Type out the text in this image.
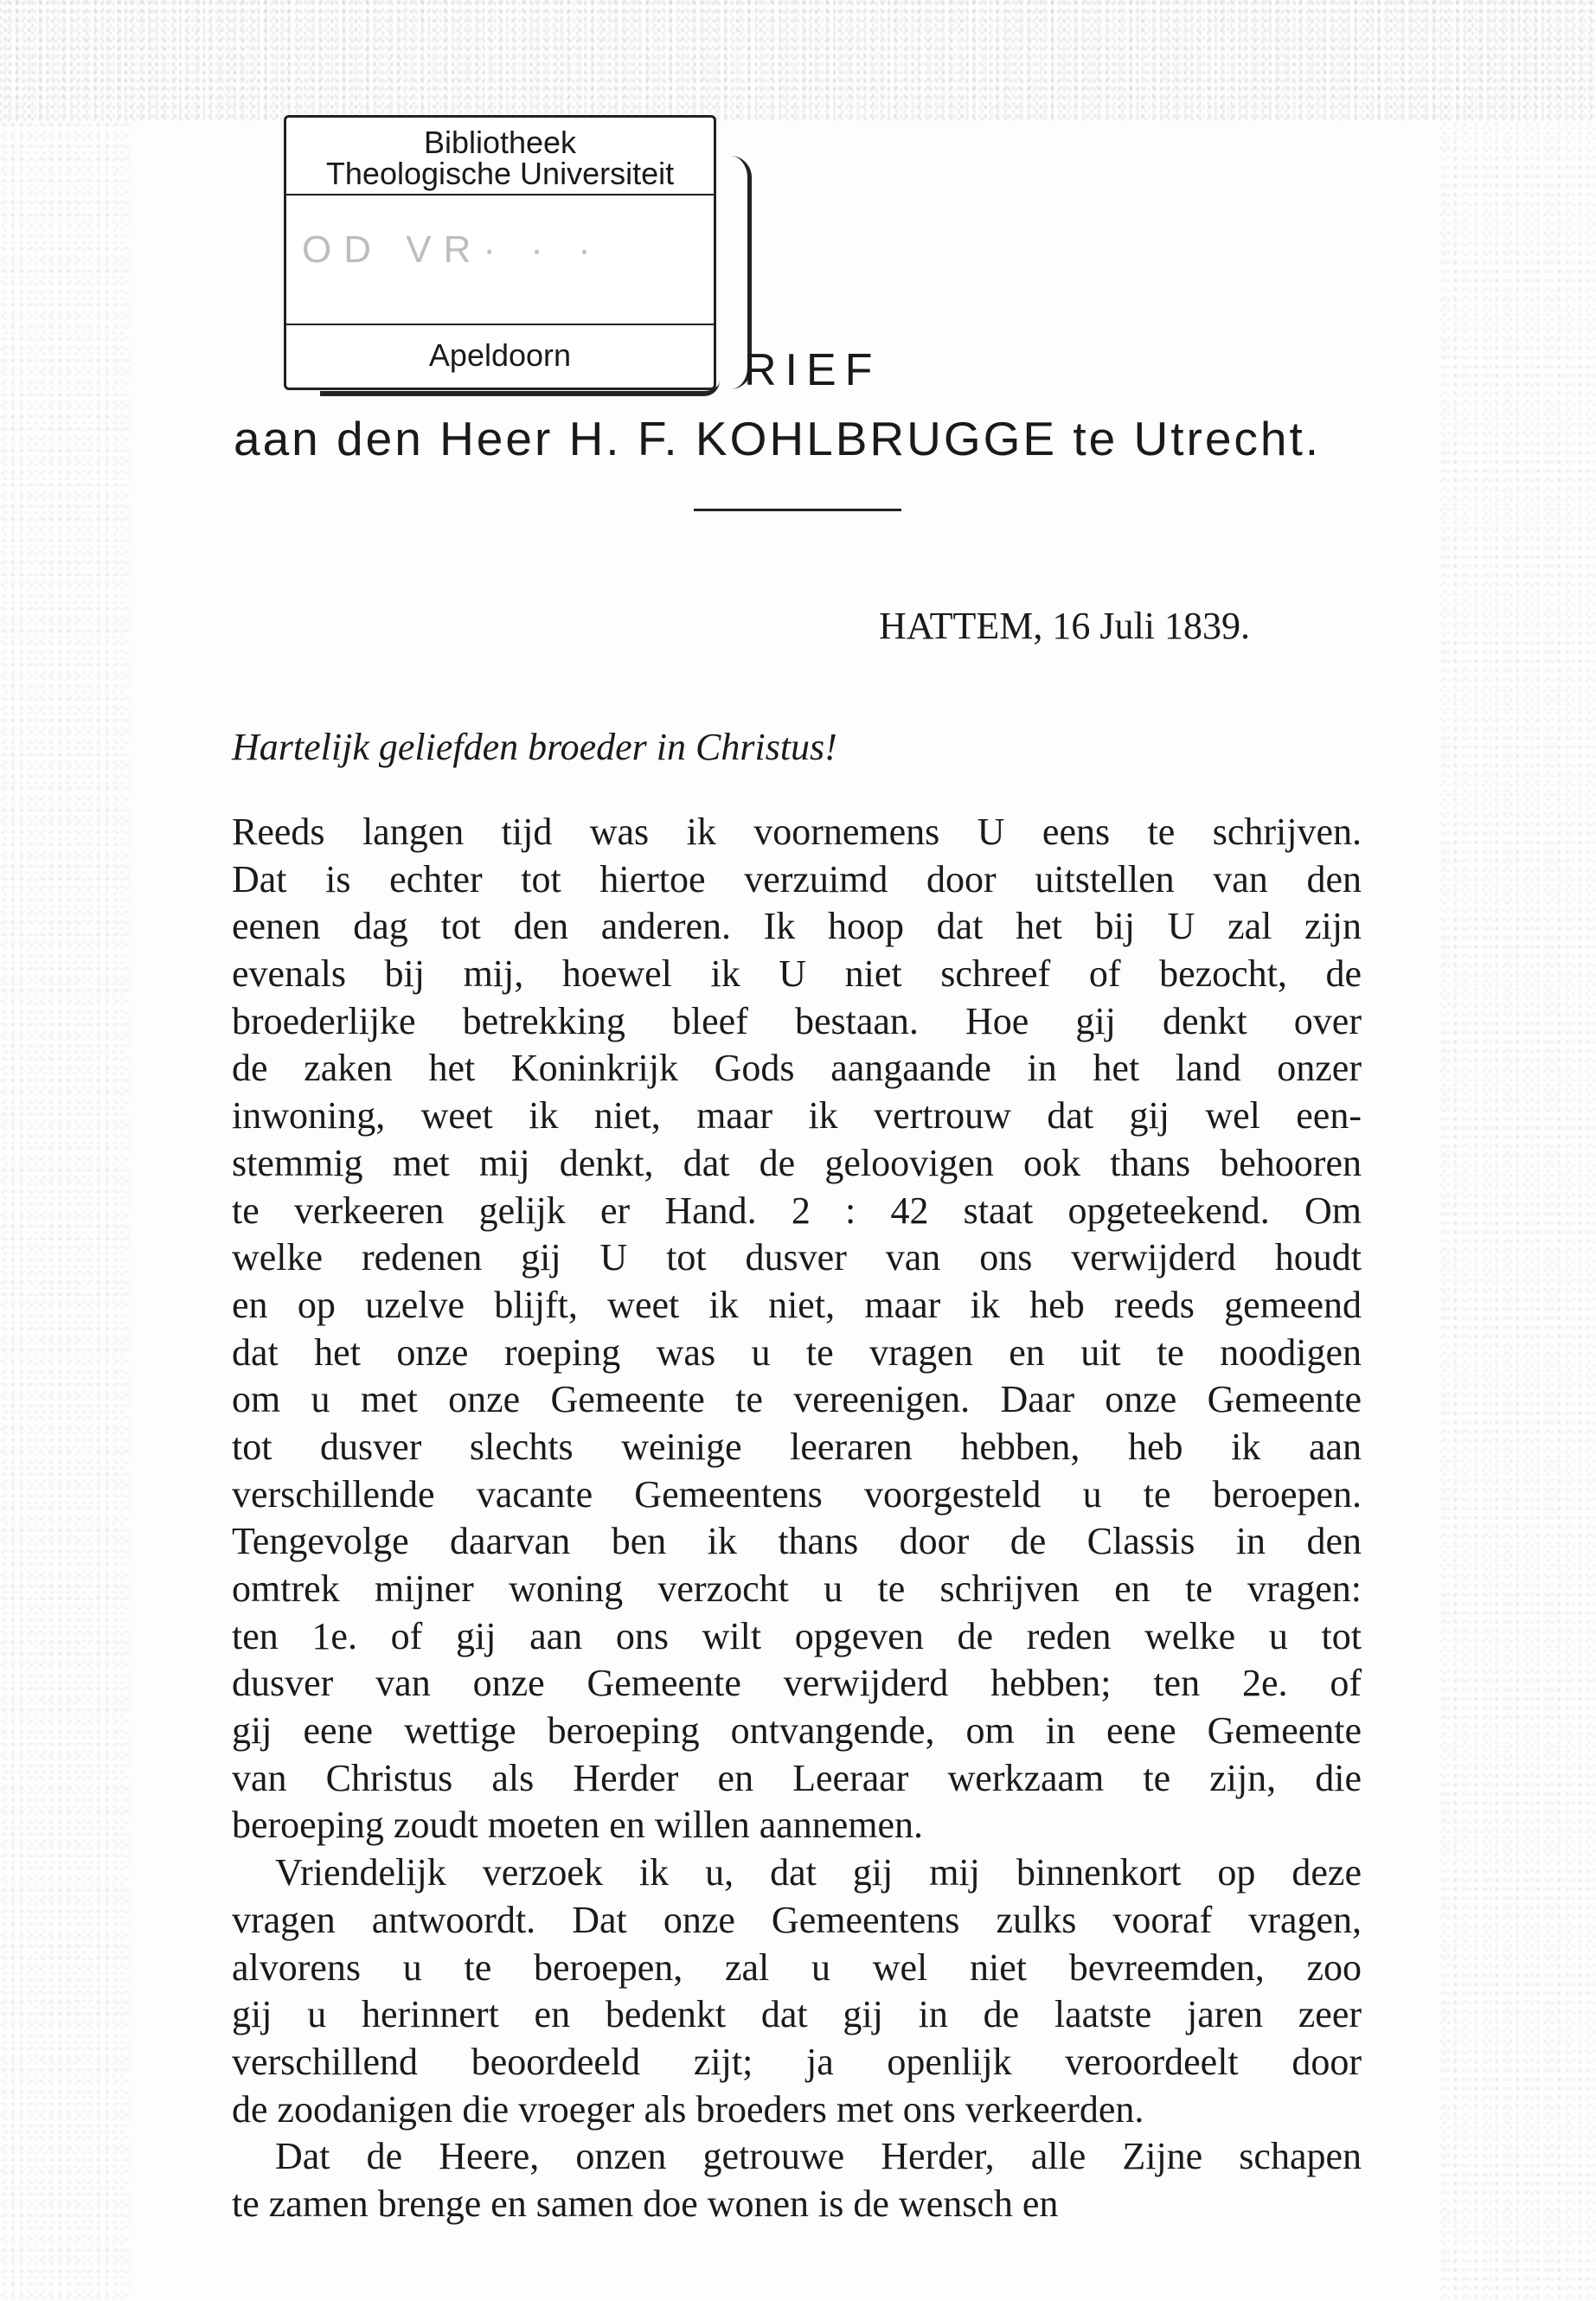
Bibliotheek
Theologische Universiteit
OD VR· · ·
Apeldoorn	RIEF
aan den Heer H. F. KOHLBRUGGE te Utrecht.
HATTEM, 16 Juli 1839.
Hartelijk geliefden broeder in Christus!
Reeds langen tijd was ik voornemens U eens te schrijven.
Dat is echter tot hiertoe verzuimd door uitstellen van den
eenen dag tot den anderen. Ik hoop dat het bij U zal zijn
evenals bij mij, hoewel ik U niet schreef of bezocht, de
broederlijke betrekking bleef bestaan. Hoe gij denkt over
de zaken het Koninkrijk Gods aangaande in het land onzer
inwoning, weet ik niet, maar ik vertrouw dat gij wel een-
stemmig met mij denkt, dat de geloovigen ook thans behooren
te verkeeren gelijk er Hand. 2 : 42 staat opgeteekend. Om
welke redenen gij U tot dusver van ons verwijderd houdt
en op uzelve blijft, weet ik niet, maar ik heb reeds gemeend
dat het onze roeping was u te vragen en uit te noodigen
om u met onze Gemeente te vereenigen. Daar onze Gemeente
tot dusver slechts weinige leeraren hebben, heb ik aan
verschillende vacante Gemeentens voorgesteld u te beroepen.
Tengevolge daarvan ben ik thans door de Classis in den
omtrek mijner woning verzocht u te schrijven en te vragen:
ten 1e. of gij aan ons wilt opgeven de reden welke u tot
dusver van onze Gemeente verwijderd hebben; ten 2e. of
gij eene wettige beroeping ontvangende, om in eene Gemeente
van Christus als Herder en Leeraar werkzaam te zijn, die
beroeping zoudt moeten en willen aannemen.
Vriendelijk verzoek ik u, dat gij mij binnenkort op deze
vragen antwoordt. Dat onze Gemeentens zulks vooraf vragen,
alvorens u te beroepen, zal u wel niet bevreemden, zoo
gij u herinnert en bedenkt dat gij in de laatste jaren zeer
verschillend beoordeeld zijt; ja openlijk veroordeelt door
de zoodanigen die vroeger als broeders met ons verkeerden.
Dat de Heere, onzen getrouwe Herder, alle Zijne schapen
te zamen brenge en samen doe wonen is de wensch en
